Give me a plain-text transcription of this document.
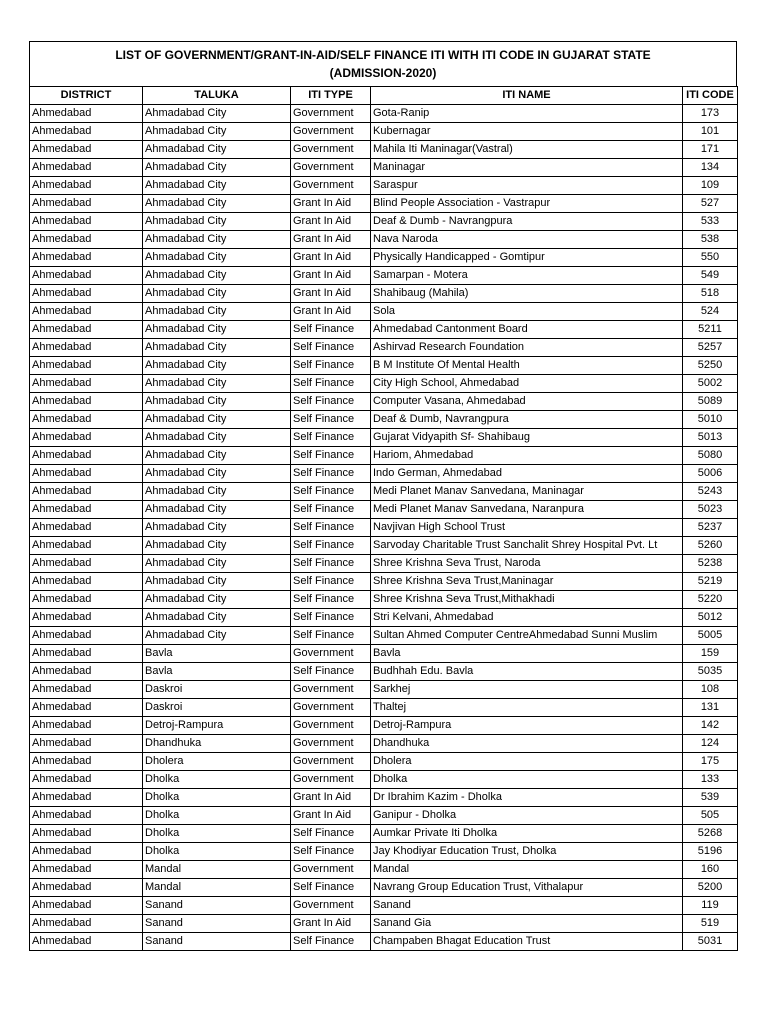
LIST OF GOVERNMENT/GRANT-IN-AID/SELF FINANCE ITI WITH ITI CODE IN GUJARAT STATE
(ADMISSION-2020)
DISTRICT	TALUKA	ITI TYPE	ITI NAME	ITI CODE
Ahmedabad	Ahmadabad City	Government	Gota-Ranip	173
Ahmedabad	Ahmadabad City	Government	Kubernagar	101
Ahmedabad	Ahmadabad City	Government	Mahila Iti Maninagar(Vastral)	171
Ahmedabad	Ahmadabad City	Government	Maninagar	134
Ahmedabad	Ahmadabad City	Government	Saraspur	109
Ahmedabad	Ahmadabad City	Grant In Aid	Blind People Association - Vastrapur	527
Ahmedabad	Ahmadabad City	Grant In Aid	Deaf & Dumb - Navrangpura	533
Ahmedabad	Ahmadabad City	Grant In Aid	Nava Naroda	538
Ahmedabad	Ahmadabad City	Grant In Aid	Physically Handicapped - Gomtipur	550
Ahmedabad	Ahmadabad City	Grant In Aid	Samarpan - Motera	549
Ahmedabad	Ahmadabad City	Grant In Aid	Shahibaug (Mahila)	518
Ahmedabad	Ahmadabad City	Grant In Aid	Sola	524
Ahmedabad	Ahmadabad City	Self Finance	Ahmedabad Cantonment Board	5211
Ahmedabad	Ahmadabad City	Self Finance	Ashirvad Research Foundation	5257
Ahmedabad	Ahmadabad City	Self Finance	B M Institute Of Mental Health	5250
Ahmedabad	Ahmadabad City	Self Finance	City High School, Ahmedabad	5002
Ahmedabad	Ahmadabad City	Self Finance	Computer Vasana, Ahmedabad	5089
Ahmedabad	Ahmadabad City	Self Finance	Deaf & Dumb, Navrangpura	5010
Ahmedabad	Ahmadabad City	Self Finance	Gujarat Vidyapith Sf- Shahibaug	5013
Ahmedabad	Ahmadabad City	Self Finance	Hariom, Ahmedabad	5080
Ahmedabad	Ahmadabad City	Self Finance	Indo German, Ahmedabad	5006
Ahmedabad	Ahmadabad City	Self Finance	Medi Planet Manav Sanvedana, Maninagar	5243
Ahmedabad	Ahmadabad City	Self Finance	Medi Planet Manav Sanvedana, Naranpura	5023
Ahmedabad	Ahmadabad City	Self Finance	Navjivan High School Trust	5237
Ahmedabad	Ahmadabad City	Self Finance	Sarvoday Charitable Trust Sanchalit Shrey Hospital Pvt. Lt	5260
Ahmedabad	Ahmadabad City	Self Finance	Shree Krishna Seva Trust, Naroda	5238
Ahmedabad	Ahmadabad City	Self Finance	Shree Krishna Seva Trust,Maninagar	5219
Ahmedabad	Ahmadabad City	Self Finance	Shree Krishna Seva Trust,Mithakhadi	5220
Ahmedabad	Ahmadabad City	Self Finance	Stri Kelvani, Ahmedabad	5012
Ahmedabad	Ahmadabad City	Self Finance	Sultan Ahmed Computer CentreAhmedabad Sunni Muslim	5005
Ahmedabad	Bavla	Government	Bavla	159
Ahmedabad	Bavla	Self Finance	Budhhah Edu. Bavla	5035
Ahmedabad	Daskroi	Government	Sarkhej	108
Ahmedabad	Daskroi	Government	Thaltej	131
Ahmedabad	Detroj-Rampura	Government	Detroj-Rampura	142
Ahmedabad	Dhandhuka	Government	Dhandhuka	124
Ahmedabad	Dholera	Government	Dholera	175
Ahmedabad	Dholka	Government	Dholka	133
Ahmedabad	Dholka	Grant In Aid	Dr Ibrahim Kazim - Dholka	539
Ahmedabad	Dholka	Grant In Aid	Ganipur - Dholka	505
Ahmedabad	Dholka	Self Finance	Aumkar Private Iti Dholka	5268
Ahmedabad	Dholka	Self Finance	Jay Khodiyar Education Trust, Dholka	5196
Ahmedabad	Mandal	Government	Mandal	160
Ahmedabad	Mandal	Self Finance	Navrang Group Education Trust, Vithalapur	5200
Ahmedabad	Sanand	Government	Sanand	119
Ahmedabad	Sanand	Grant In Aid	Sanand Gia	519
Ahmedabad	Sanand	Self Finance	Champaben Bhagat Education Trust	5031
